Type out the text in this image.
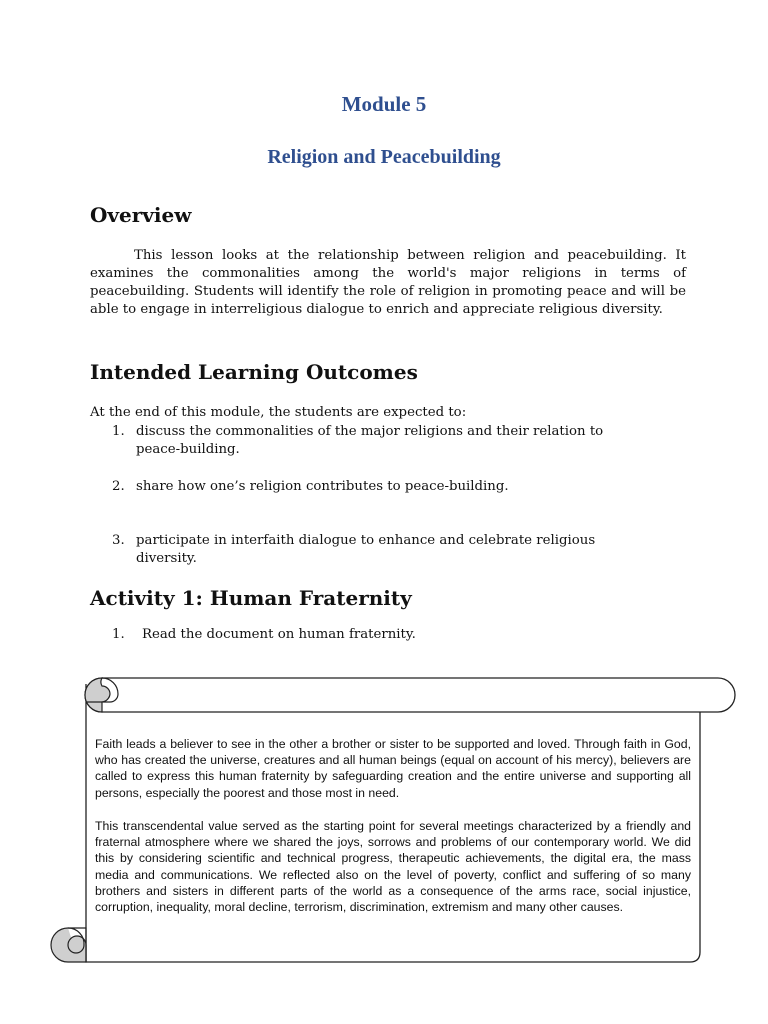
Module 5
Religion and Peacebuilding
Overview

This lesson looks at the relationship between religion and peacebuilding. It examines the commonalities among the world's major religions in terms of peacebuilding. Students will identify the role of religion in promoting peace and will be able to engage in interreligious dialogue to enrich and appreciate religious diversity.

Intended Learning Outcomes

At the end of this module, the students are expected to:

1. discuss the commonalities of the major religions and their relation to peace-building.
2. share how one’s religion contributes to peace-building.
3. participate in interfaith dialogue to enhance and celebrate religious diversity.
Activity 1: Human Fraternity
1. Read the document on human fraternity.

Faith leads a believer to see in the other a brother or sister to be supported and loved. Through faith in God, who has created the universe, creatures and all human beings (equal on account of his mercy), believers are called to express this human fraternity by safeguarding creation and the entire universe and supporting all persons, especially the poorest and those most in need.

This transcendental value served as the starting point for several meetings characterized by a friendly and fraternal atmosphere where we shared the joys, sorrows and problems of our contemporary world. We did this by considering scientific and technical progress, therapeutic achievements, the digital era, the mass media and communications. We reflected also on the level of poverty, conflict and suffering of so many brothers and sisters in different parts of the world as a consequence of the arms race, social injustice, corruption, inequality, moral decline, terrorism, discrimination, extremism and many other causes.
